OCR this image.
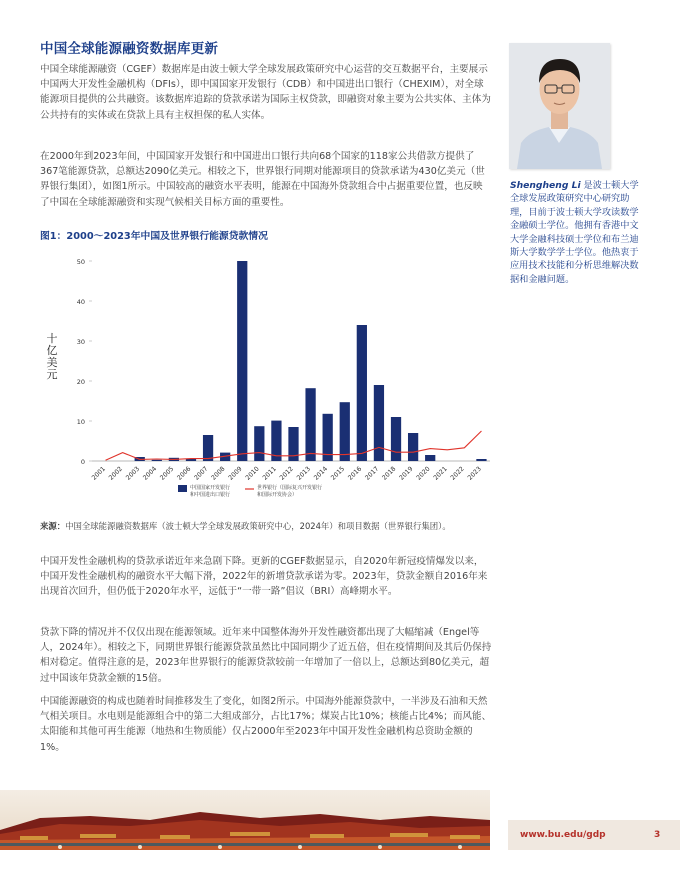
中国全球能源融资数据库更新
中国全球能源融资（CGEF）数据库是由波士顿大学全球发展政策研究中心运营的交互数据平台，主要展示中国两大开发性金融机构（DFIs），即中国国家开发银行（CDB）和中国进出口银行（CHEXIM），对全球能源项目提供的公共融资。该数据库追踪的贷款承诺为国际主权贷款，即融资对象主要为公共实体、主体为公共持有的实体或在贷款上具有主权担保的私人实体。
在2000年到2023年间，中国国家开发银行和中国进出口银行共向68个国家的118家公共借款方提供了367笔能源贷款，总额达2090亿美元。相较之下，世界银行同期对能源项目的贷款承诺为430亿美元（世界银行集团），如图1所示。中国较高的融资水平表明，能源在中国海外贷款组合中占据重要位置，也反映了中国在全球能源融资和实现气候相关目标方面的重要性。
图1：2000～2023年中国及世界银行能源贷款情况
0
10
20
30
40
50
十
亿
美
元
2001 2002 2003 2004 2005 2006 2007 2008 2009 2010 2011 2012 2013 2014 2015 2016 2017 2018 2019 2020 2021 2022 2023
中国国家开发银行
和中国进出口银行
世界银行（国际复兴开发银行
和国际开发协会）
来源：中国全球能源融资数据库（波士顿大学全球发展政策研究中心，2024年）和项目数据（世界银行集团）。
中国开发性金融机构的贷款承诺近年来急剧下降。更新的CGEF数据显示，自2020年新冠疫情爆发以来，中国开发性金融机构的融资水平大幅下滑，2022年的新增贷款承诺为零。2023年，贷款金额自2016年来出现首次回升，但仍低于2020年水平，远低于“一带一路”倡议（BRI）高峰期水平。
贷款下降的情况并不仅仅出现在能源领域。近年来中国整体海外开发性融资都出现了大幅缩减（Engel等人，2024年）。相较之下，同期世界银行能源贷款虽然比中国同期少了近五倍，但在疫情期间及其后仍保持相对稳定。值得注意的是，2023年世界银行的能源贷款较前一年增加了一倍以上，总额达到80亿美元，超过中国该年贷款金额的15倍。
中国能源融资的构成也随着时间推移发生了变化，如图2所示。中国海外能源贷款中，一半涉及石油和天然气相关项目。水电则是能源组合中的第二大组成部分，占比17%；煤炭占比10%；核能占比4%；而风能、太阳能和其他可再生能源（地热和生物质能）仅占2000年至2023年中国开发性金融机构总资助金额的1%。
Shengheng Li 是波士顿大学全球发展政策研究中心研究助理，目前于波士顿大学攻读数学金融硕士学位。他拥有香港中文大学金融科技硕士学位和布兰迪斯大学数学学士学位。他热衷于应用技术技能和分析思维解决数据和金融问题。
www.bu.edu/gdp	3
